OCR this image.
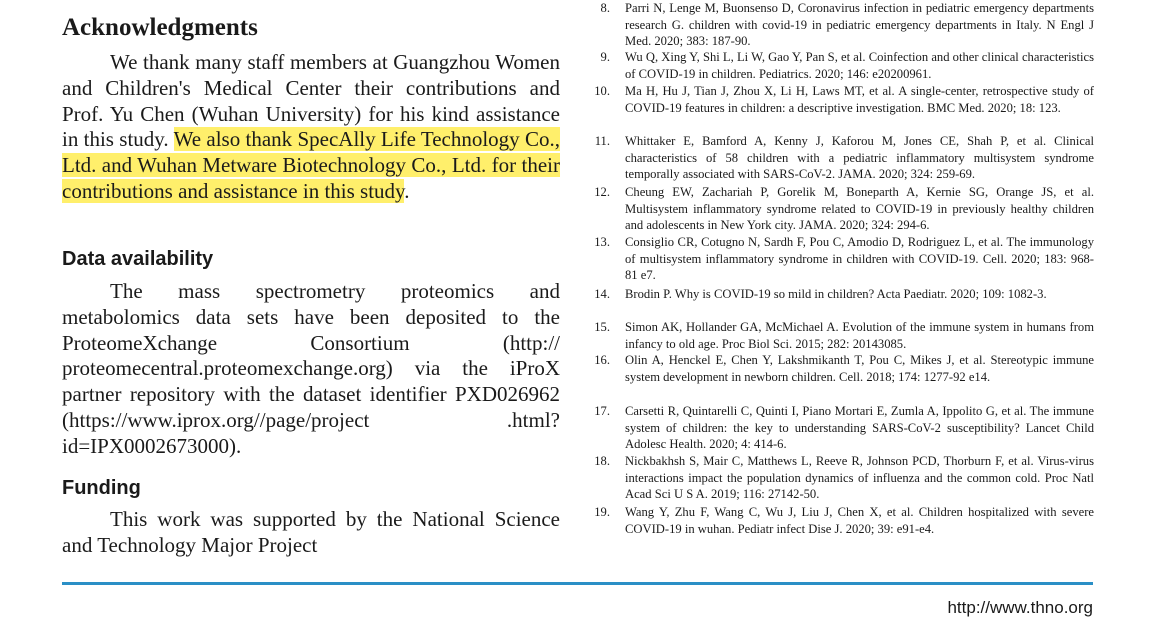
Acknowledgments
We thank many staff members at Guangzhou Women and Children's Medical Center their contributions and Prof. Yu Chen (Wuhan University) for his kind assistance in this study. We also thank SpecAlly Life Technology Co., Ltd. and Wuhan Metware Biotechnology Co., Ltd. for their contributions and assistance in this study.
Data availability
The mass spectrometry proteomics and metabolomics data sets have been deposited to the ProteomeXchange Consortium (http:// proteomecentral.proteomexchange.org) via the iProX partner repository with the dataset identifier PXD026962 (https://www.iprox.org//page/project .html?id=IPX0002673000).
Funding
This work was supported by the National Science and Technology Major Project
8. Parri N, Lenge M, Buonsenso D, Coronavirus infection in pediatric emergency departments research G. children with covid-19 in pediatric emergency departments in Italy. N Engl J Med. 2020; 383: 187-90.
9. Wu Q, Xing Y, Shi L, Li W, Gao Y, Pan S, et al. Coinfection and other clinical characteristics of COVID-19 in children. Pediatrics. 2020; 146: e20200961.
10. Ma H, Hu J, Tian J, Zhou X, Li H, Laws MT, et al. A single-center, retrospective study of COVID-19 features in children: a descriptive investigation. BMC Med. 2020; 18: 123.
11. Whittaker E, Bamford A, Kenny J, Kaforou M, Jones CE, Shah P, et al. Clinical characteristics of 58 children with a pediatric inflammatory multisystem syndrome temporally associated with SARS-CoV-2. JAMA. 2020; 324: 259-69.
12. Cheung EW, Zachariah P, Gorelik M, Boneparth A, Kernie SG, Orange JS, et al. Multisystem inflammatory syndrome related to COVID-19 in previously healthy children and adolescents in New York city. JAMA. 2020; 324: 294-6.
13. Consiglio CR, Cotugno N, Sardh F, Pou C, Amodio D, Rodriguez L, et al. The immunology of multisystem inflammatory syndrome in children with COVID-19. Cell. 2020; 183: 968-81 e7.
14. Brodin P. Why is COVID-19 so mild in children? Acta Paediatr. 2020; 109: 1082-3.
15. Simon AK, Hollander GA, McMichael A. Evolution of the immune system in humans from infancy to old age. Proc Biol Sci. 2015; 282: 20143085.
16. Olin A, Henckel E, Chen Y, Lakshmikanth T, Pou C, Mikes J, et al. Stereotypic immune system development in newborn children. Cell. 2018; 174: 1277-92 e14.
17. Carsetti R, Quintarelli C, Quinti I, Piano Mortari E, Zumla A, Ippolito G, et al. The immune system of children: the key to understanding SARS-CoV-2 susceptibility? Lancet Child Adolesc Health. 2020; 4: 414-6.
18. Nickbakhsh S, Mair C, Matthews L, Reeve R, Johnson PCD, Thorburn F, et al. Virus-virus interactions impact the population dynamics of influenza and the common cold. Proc Natl Acad Sci U S A. 2019; 116: 27142-50.
19. Wang Y, Zhu F, Wang C, Wu J, Liu J, Chen X, et al. Children hospitalized with severe COVID-19 in wuhan. Pediatr infect Dise J. 2020; 39: e91-e4.
http://www.thno.org
